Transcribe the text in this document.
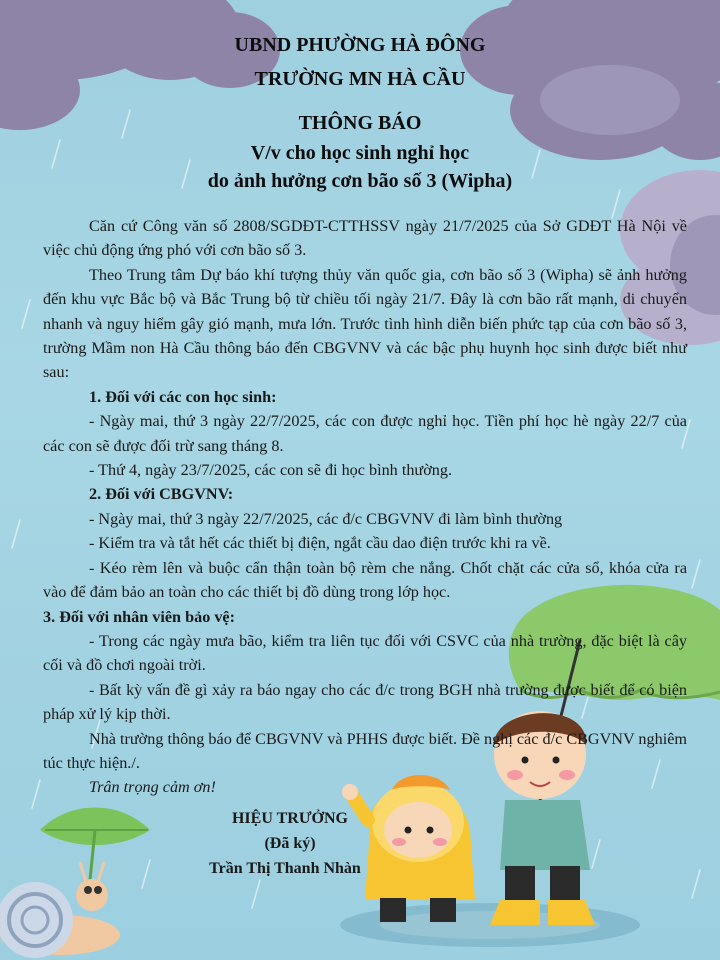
UBND PHƯỜNG HÀ ĐÔNG
TRƯỜNG MN HÀ CẦU
THÔNG BÁO
V/v cho học sinh nghỉ học
do ảnh hưởng cơn bão số 3 (Wipha)

Căn cứ Công văn số 2808/SGDĐT-CTTHSSV ngày 21/7/2025 của Sở GDĐT Hà Nội về việc chủ động ứng phó với cơn bão số 3.

Theo Trung tâm Dự báo khí tượng thủy văn quốc gia, cơn bão số 3 (Wipha) sẽ ảnh hưởng đến khu vực Bắc bộ và Bắc Trung bộ từ chiều tối ngày 21/7. Đây là cơn bão rất mạnh, di chuyển nhanh và nguy hiểm gây gió mạnh, mưa lớn. Trước tình hình diễn biến phức tạp của cơn bão số 3, trường Mầm non Hà Cầu thông báo đến CBGVNV và các bậc phụ huynh học sinh được biết như sau:

1. Đối với các con học sinh:

- Ngày mai, thứ 3 ngày 22/7/2025, các con được nghỉ học. Tiền phí học hè ngày 22/7 của các con sẽ được đối trừ sang tháng 8.

- Thứ 4, ngày 23/7/2025, các con sẽ đi học bình thường.

2. Đối với CBGVNV:

- Ngày mai, thứ 3 ngày 22/7/2025, các đ/c CBGVNV đi làm bình thường

- Kiểm tra và tắt hết các thiết bị điện, ngắt cầu dao điện trước khi ra về.

- Kéo rèm lên và buộc cẩn thận toàn bộ rèm che nắng. Chốt chặt các cửa sổ, khóa cửa ra vào để đảm bảo an toàn cho các thiết bị đồ dùng trong lớp học.

3. Đối với nhân viên bảo vệ:

- Trong các ngày mưa bão, kiểm tra liên tục đối với CSVC của nhà trường, đặc biệt là cây cối và đồ chơi ngoài trời.

- Bất kỳ vấn đề gì xảy ra báo ngay cho các đ/c trong BGH nhà trường được biết để có biện pháp xử lý kịp thời.

Nhà trường thông báo để CBGVNV và PHHS được biết. Đề nghị các đ/c CBGVNV nghiêm túc thực hiện./.

Trân trọng cảm ơn!

HIỆU TRƯỞNG
(Đã ký)
Trần Thị Thanh Nhàn
